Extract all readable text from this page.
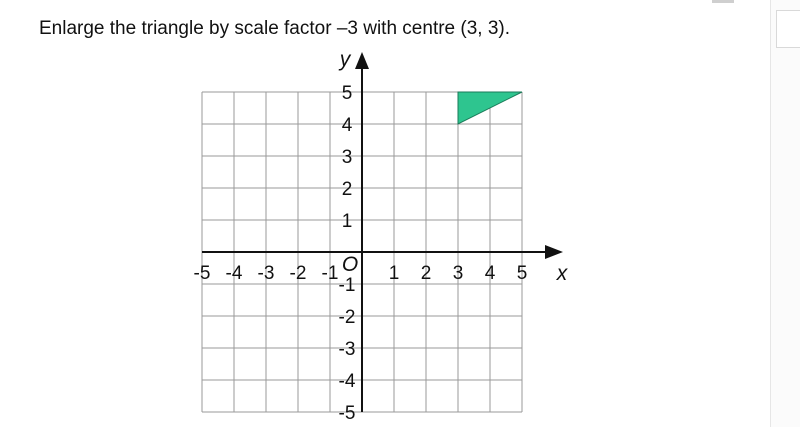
Enlarge the triangle by scale factor –3 with centre (3, 3).
-5 -4 -3 -2 -1	1 2 3 4 5
5
4
3
2
1
-1
-2
-3
-4
-5
O	x
y
